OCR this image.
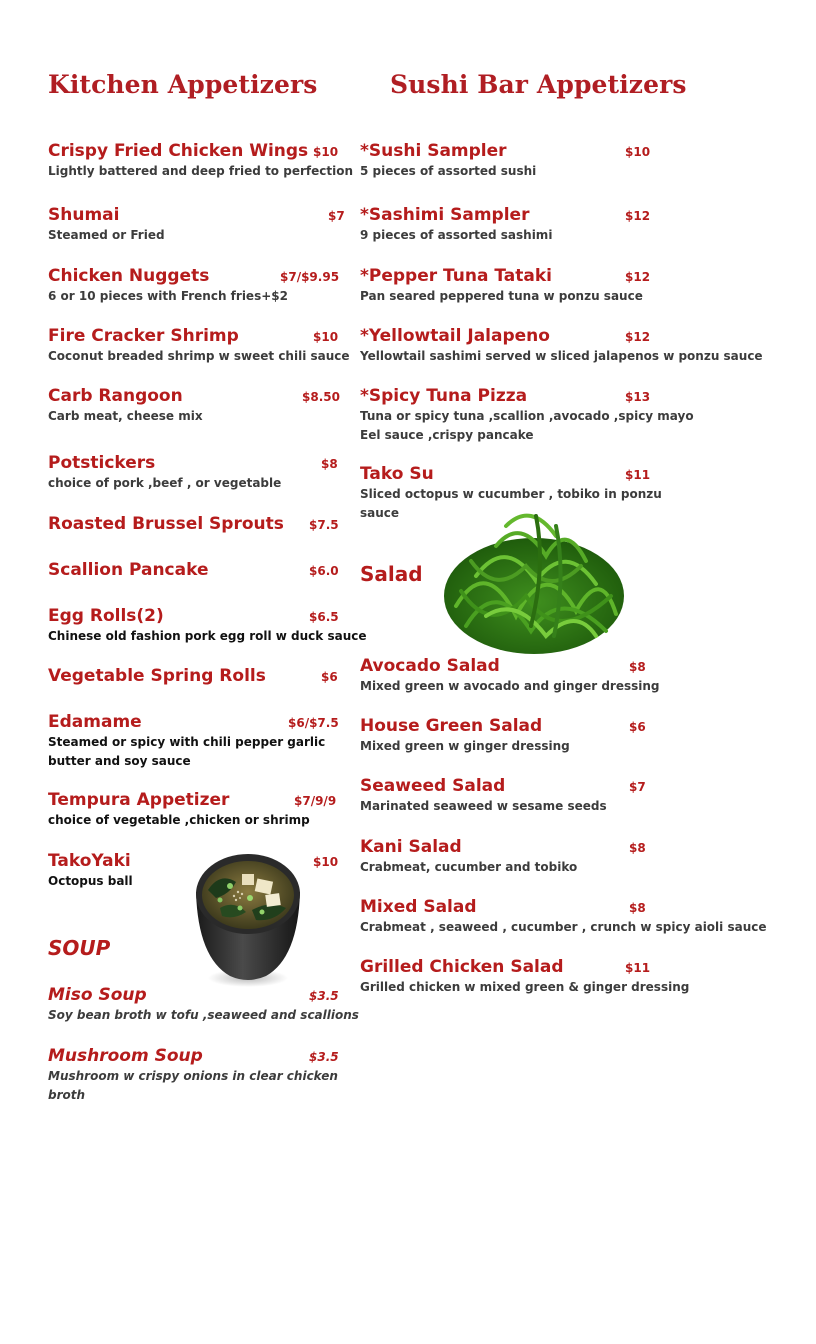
Kitchen Appetizers	Sushi Bar Appetizers
Crispy Fried Chicken Wings $10
Lightly battered and deep fried to perfection
Shumai	$7
Steamed or Fried
Chicken Nuggets	$7/$9.95
6 or 10 pieces with French fries+$2
Fire Cracker Shrimp	$10
Coconut breaded shrimp w sweet chili sauce
Carb Rangoon	$8.50
Carb meat, cheese mix
Potstickers	$8
choice of pork ,beef , or vegetable
Roasted Brussel Sprouts $7.5
Scallion Pancake	$6.0
Egg Rolls(2)	$6.5
Chinese old fashion pork egg roll w duck sauce
Vegetable Spring Rolls	$6
Edamame	$6/$7.5
Steamed or spicy with chili pepper garlic
butter and soy sauce
Tempura Appetizer	$7/9/9
choice of vegetable ,chicken or shrimp
TakoYaki	$10
Octopus ball
SOUP
Miso Soup	$3.5
Soy bean broth w tofu ,seaweed and scallions
Mushroom Soup	$3.5
Mushroom w crispy onions in clear chicken
broth
*Sushi Sampler	$10
5 pieces of assorted sushi
*Sashimi Sampler	$12
9 pieces of assorted sashimi
*Pepper Tuna Tataki	$12
Pan seared peppered tuna w ponzu sauce
*Yellowtail Jalapeno	$12
Yellowtail sashimi served w sliced jalapenos w ponzu sauce
*Spicy Tuna Pizza	$13
Tuna or spicy tuna ,scallion ,avocado ,spicy mayo
Eel sauce ,crispy pancake
Tako Su	$11
Sliced octopus w cucumber , tobiko in ponzu
sauce
Salad
Avocado Salad	$8
Mixed green w avocado and ginger dressing
House Green Salad	$6
Mixed green w ginger dressing
Seaweed Salad	$7
Marinated seaweed w sesame seeds
Kani Salad	$8
Crabmeat, cucumber and tobiko
Mixed Salad	$8
Crabmeat , seaweed , cucumber , crunch w spicy aioli sauce
Grilled Chicken Salad	$11
Grilled chicken w mixed green & ginger dressing
